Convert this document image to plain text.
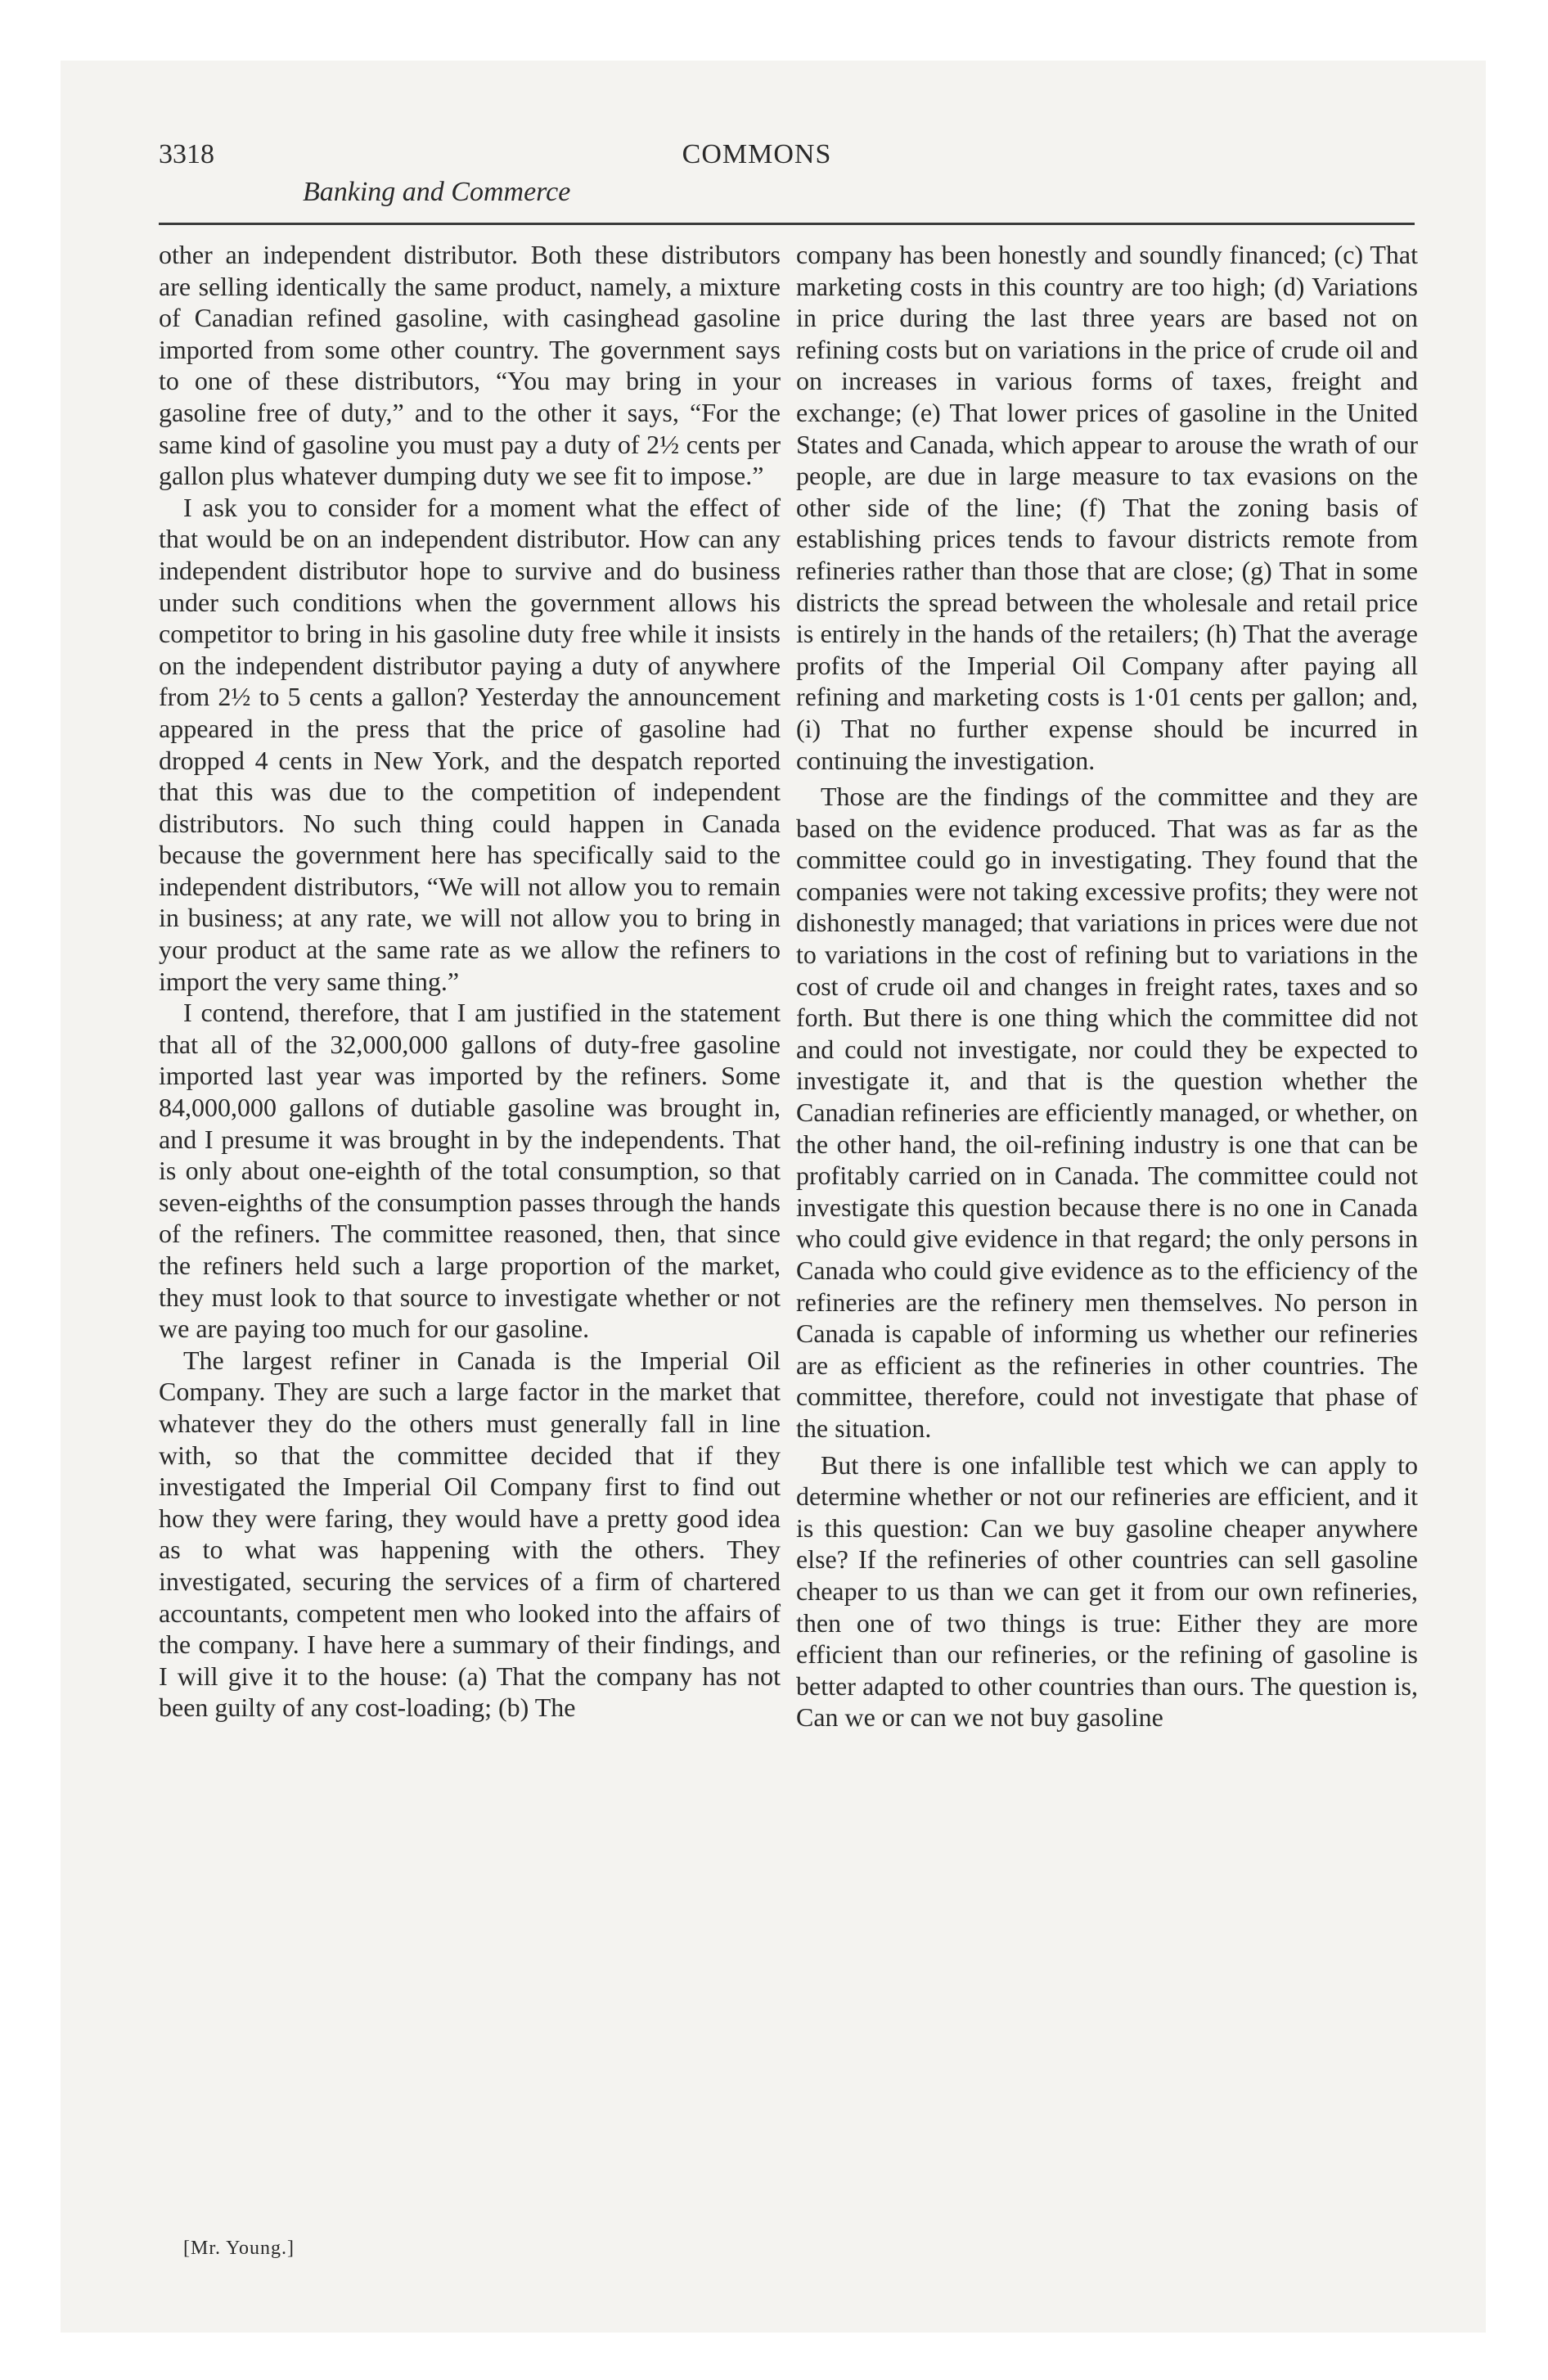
3318	COMMONS
Banking and Commerce

other an independent distributor. Both these distributors are selling identically the same product, namely, a mixture of Canadian refined gasoline, with casinghead gasoline imported from some other country. The government says to one of these distributors, “You may bring in your gasoline free of duty,” and to the other it says, “For the same kind of gasoline you must pay a duty of 2½ cents per gallon plus whatever dumping duty we see fit to impose.”

I ask you to consider for a moment what the effect of that would be on an independent distributor. How can any independent distributor hope to survive and do business under such conditions when the government allows his competitor to bring in his gasoline duty free while it insists on the independent distributor paying a duty of anywhere from 2½ to 5 cents a gallon? Yesterday the announcement appeared in the press that the price of gasoline had dropped 4 cents in New York, and the despatch reported that this was due to the competition of independent distributors. No such thing could happen in Canada because the government here has specifically said to the independent distributors, “We will not allow you to remain in business; at any rate, we will not allow you to bring in your product at the same rate as we allow the refiners to import the very same thing.”

I contend, therefore, that I am justified in the statement that all of the 32,000,000 gallons of duty-free gasoline imported last year was imported by the refiners. Some 84,000,000 gallons of dutiable gasoline was brought in, and I presume it was brought in by the independents. That is only about one-eighth of the total consumption, so that seven-eighths of the consumption passes through the hands of the refiners. The committee reasoned, then, that since the refiners held such a large proportion of the market, they must look to that source to investigate whether or not we are paying too much for our gasoline.

The largest refiner in Canada is the Imperial Oil Company. They are such a large factor in the market that whatever they do the others must generally fall in line with, so that the committee decided that if they investigated the Imperial Oil Company first to find out how they were faring, they would have a pretty good idea as to what was happening with the others. They investigated, securing the services of a firm of chartered accountants, competent men who looked into the affairs of the company. I have here a summary of their findings, and I will give it to the house: (a) That the company has not been guilty of any cost-loading; (b) The

company has been honestly and soundly financed; (c) That marketing costs in this country are too high; (d) Variations in price during the last three years are based not on refining costs but on variations in the price of crude oil and on increases in various forms of taxes, freight and exchange; (e) That lower prices of gasoline in the United States and Canada, which appear to arouse the wrath of our people, are due in large measure to tax evasions on the other side of the line; (f) That the zoning basis of establishing prices tends to favour districts remote from refineries rather than those that are close; (g) That in some districts the spread between the wholesale and retail price is entirely in the hands of the retailers; (h) That the average profits of the Imperial Oil Company after paying all refining and marketing costs is 1·01 cents per gallon; and, (i) That no further expense should be incurred in continuing the investigation.

Those are the findings of the committee and they are based on the evidence produced. That was as far as the committee could go in investigating. They found that the companies were not taking excessive profits; they were not dishonestly managed; that variations in prices were due not to variations in the cost of refining but to variations in the cost of crude oil and changes in freight rates, taxes and so forth. But there is one thing which the committee did not and could not investigate, nor could they be expected to investigate it, and that is the question whether the Canadian refineries are efficiently managed, or whether, on the other hand, the oil-refining industry is one that can be profitably carried on in Canada. The committee could not investigate this question because there is no one in Canada who could give evidence in that regard; the only persons in Canada who could give evidence as to the efficiency of the refineries are the refinery men themselves. No person in Canada is capable of informing us whether our refineries are as efficient as the refineries in other countries. The committee, therefore, could not investigate that phase of the situation.

But there is one infallible test which we can apply to determine whether or not our refineries are efficient, and it is this question: Can we buy gasoline cheaper anywhere else? If the refineries of other countries can sell gasoline cheaper to us than we can get it from our own refineries, then one of two things is true: Either they are more efficient than our refineries, or the refining of gasoline is better adapted to other countries than ours. The question is, Can we or can we not buy gasoline

[Mr. Young.]
